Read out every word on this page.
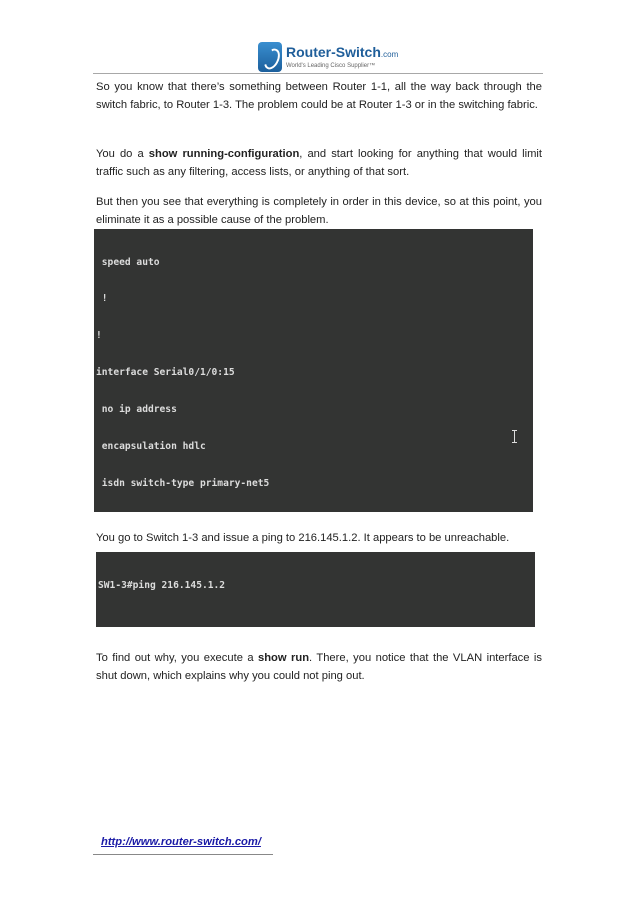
Router-Switch.com
World's Leading Cisco Supplier™

So you know that there’s something between Router 1-1, all the way back through the switch fabric, to Router 1-3. The problem could be at Router 1-3 or in the switching fabric.

You do a show running-configuration, and start looking for anything that would limit traffic such as any filtering, access lists, or anything of that sort.

But then you see that everything is completely in order in this device, so at this point, you eliminate it as a possible cause of the problem.

speed auto

!

!

interface Serial0/1/0:15

no ip address

encapsulation hdlc

isdn switch-type primary-net5

You go to Switch 1-3 and issue a ping to 216.145.1.2. It appears to be unreachable.

SW1-3#ping 216.145.1.2

To find out why, you execute a show run. There, you notice that the VLAN interface is shut down, which explains why you could not ping out.

http://www.router-switch.com/
